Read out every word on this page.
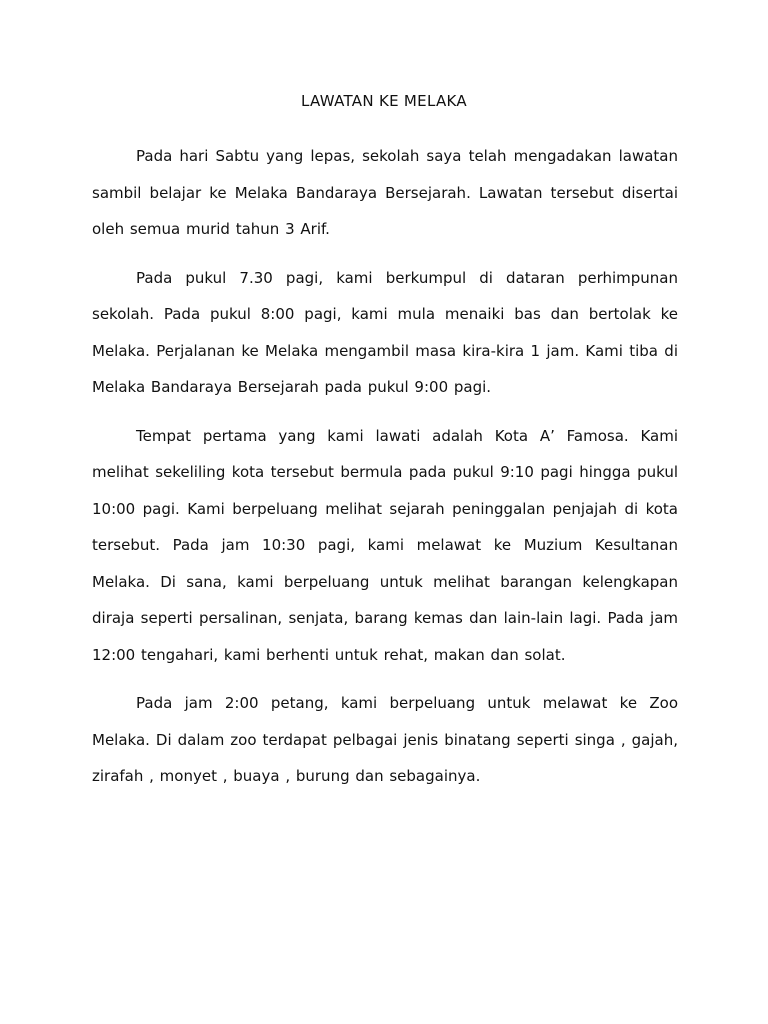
LAWATAN KE MELAKA

Pada hari Sabtu yang lepas, sekolah saya telah mengadakan lawatan sambil belajar ke Melaka Bandaraya Bersejarah. Lawatan tersebut disertai oleh semua murid tahun 3 Arif.

Pada pukul 7.30 pagi, kami berkumpul di dataran perhimpunan sekolah. Pada pukul 8:00 pagi, kami mula menaiki bas dan bertolak ke Melaka. Perjalanan ke Melaka mengambil masa kira-kira 1 jam. Kami tiba di Melaka Bandaraya Bersejarah pada pukul 9:00 pagi.

Tempat pertama yang kami lawati adalah Kota A’ Famosa. Kami melihat sekeliling kota tersebut bermula pada pukul 9:10 pagi hingga pukul 10:00 pagi. Kami berpeluang melihat sejarah peninggalan penjajah di kota tersebut. Pada jam 10:30 pagi, kami melawat ke Muzium Kesultanan Melaka. Di sana, kami berpeluang untuk melihat barangan kelengkapan diraja seperti persalinan, senjata, barang kemas dan lain-lain lagi. Pada jam 12:00 tengahari, kami berhenti untuk rehat, makan dan solat.

Pada jam 2:00 petang, kami berpeluang untuk melawat ke Zoo Melaka. Di dalam zoo terdapat pelbagai jenis binatang seperti singa , gajah, zirafah , monyet , buaya , burung dan sebagainya.
